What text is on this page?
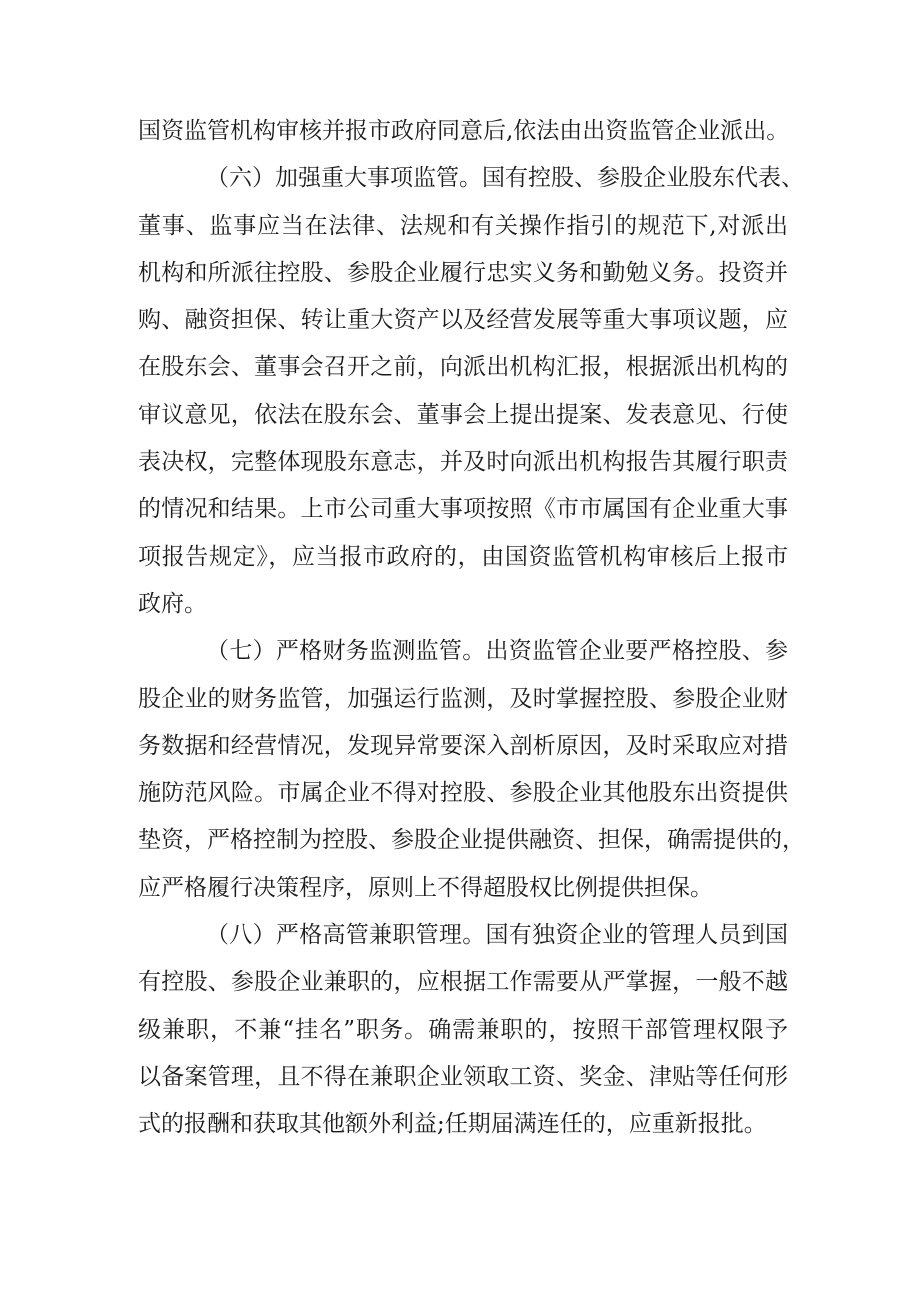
国资监管机构审核并报市政府同意后,依法由出资监管企业派出。
（六）加强重大事项监管。国有控股、参股企业股东代表、
董事、监事应当在法律、法规和有关操作指引的规范下,对派出
机构和所派往控股、参股企业履行忠实义务和勤勉义务。投资并
购、融资担保、转让重大资产以及经营发展等重大事项议题，应
在股东会、董事会召开之前，向派出机构汇报，根据派出机构的
审议意见，依法在股东会、董事会上提出提案、发表意见、行使
表决权，完整体现股东意志，并及时向派出机构报告其履行职责
的情况和结果。上市公司重大事项按照《市市属国有企业重大事
项报告规定》，应当报市政府的，由国资监管机构审核后上报市
政府。
（七）严格财务监测监管。出资监管企业要严格控股、参
股企业的财务监管，加强运行监测，及时掌握控股、参股企业财
务数据和经营情况，发现异常要深入剖析原因，及时采取应对措
施防范风险。市属企业不得对控股、参股企业其他股东出资提供
垫资，严格控制为控股、参股企业提供融资、担保，确需提供的，
应严格履行决策程序，原则上不得超股权比例提供担保。
（八）严格高管兼职管理。国有独资企业的管理人员到国
有控股、参股企业兼职的，应根据工作需要从严掌握，一般不越
级兼职，不兼“挂名”职务。确需兼职的，按照干部管理权限予
以备案管理，且不得在兼职企业领取工资、奖金、津贴等任何形
式的报酬和获取其他额外利益;任期届满连任的，应重新报批。
